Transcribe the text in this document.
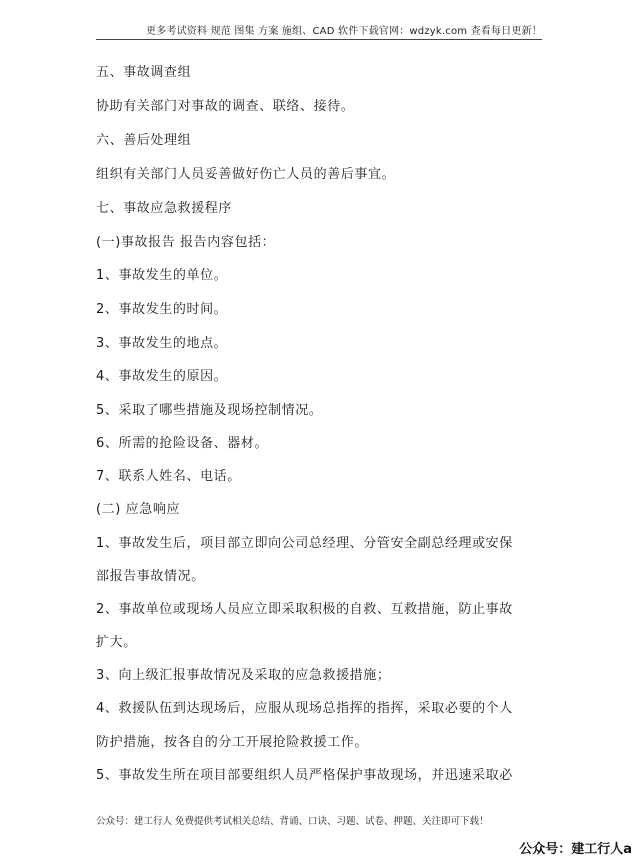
更多考试资料 规范 图集 方案 施组、CAD 软件下载官网：wdzyk.com 查看每日更新！
五、事故调查组
协助有关部门对事故的调查、联络、接待。
六、善后处理组
组织有关部门人员妥善做好伤亡人员的善后事宜。
七、事故应急救援程序
(一)事故报告 报告内容包括：
1、事故发生的单位。
2、事故发生的时间。
3、事故发生的地点。
4、事故发生的原因。
5、采取了哪些措施及现场控制情况。
6、所需的抢险设备、器材。
7、联系人姓名、电话。
(二) 应急响应
1、事故发生后，项目部立即向公司总经理、分管安全副总经理或安保
部报告事故情况。
2、事故单位或现场人员应立即采取积极的自救、互救措施，防止事故
扩大。
3、向上级汇报事故情况及采取的应急救援措施；
4、救援队伍到达现场后，应服从现场总指挥的指挥，采取必要的个人
防护措施，按各自的分工开展抢险救援工作。
5、事故发生所在项目部要组织人员严格保护事故现场，并迅速采取必
公众号：建工行人 免费提供考试相关总结、背诵、口诀、习题、试卷、押题、关注即可下载！
公众号：建工行人a
